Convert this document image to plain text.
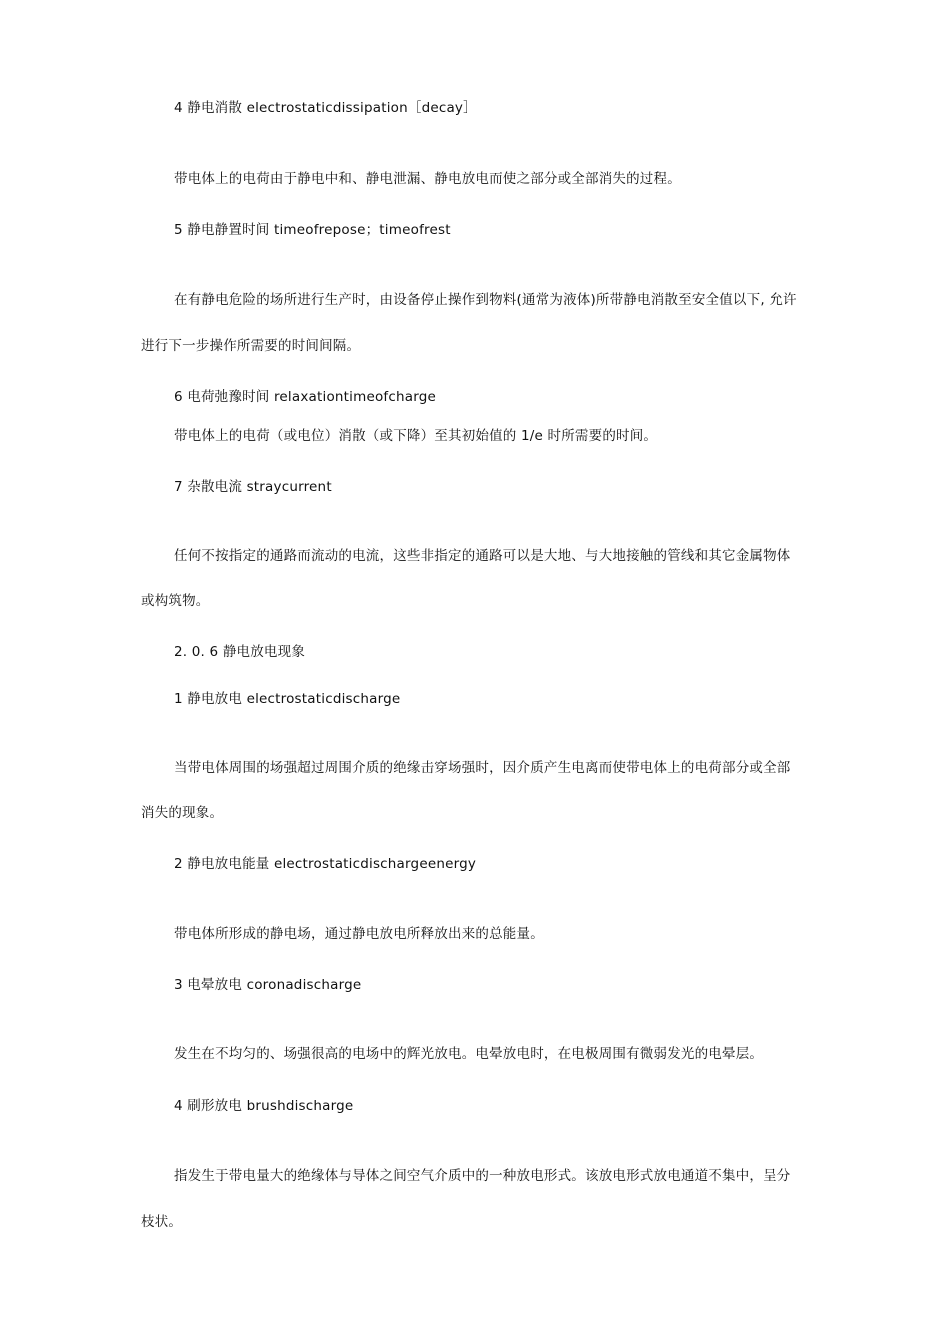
4 静电消散 electrostaticdissipation［decay］
带电体上的电荷由于静电中和、静电泄漏、静电放电而使之部分或全部消失的过程。
5 静电静置时间 timeofrepose；timeofrest
在有静电危险的场所进行生产时，由设备停止操作到物料(通常为液体)所带静电消散至安全值以下, 允许
进行下一步操作所需要的时间间隔。
6 电荷弛豫时间 relaxationtimeofcharge
带电体上的电荷（或电位）消散（或下降）至其初始值的 1/e 时所需要的时间。
7 杂散电流 straycurrent
任何不按指定的通路而流动的电流，这些非指定的通路可以是大地、与大地接触的管线和其它金属物体
或构筑物。
2. 0. 6 静电放电现象
1 静电放电 electrostaticdischarge
当带电体周围的场强超过周围介质的绝缘击穿场强时，因介质产生电离而使带电体上的电荷部分或全部
消失的现象。
2 静电放电能量 electrostaticdischargeenergy
带电体所形成的静电场，通过静电放电所释放出来的总能量。
3 电晕放电 coronadischarge
发生在不均匀的、场强很高的电场中的辉光放电。电晕放电时，在电极周围有微弱发光的电晕层。
4 刷形放电 brushdischarge
指发生于带电量大的绝缘体与导体之间空气介质中的一种放电形式。该放电形式放电通道不集中，呈分
枝状。
